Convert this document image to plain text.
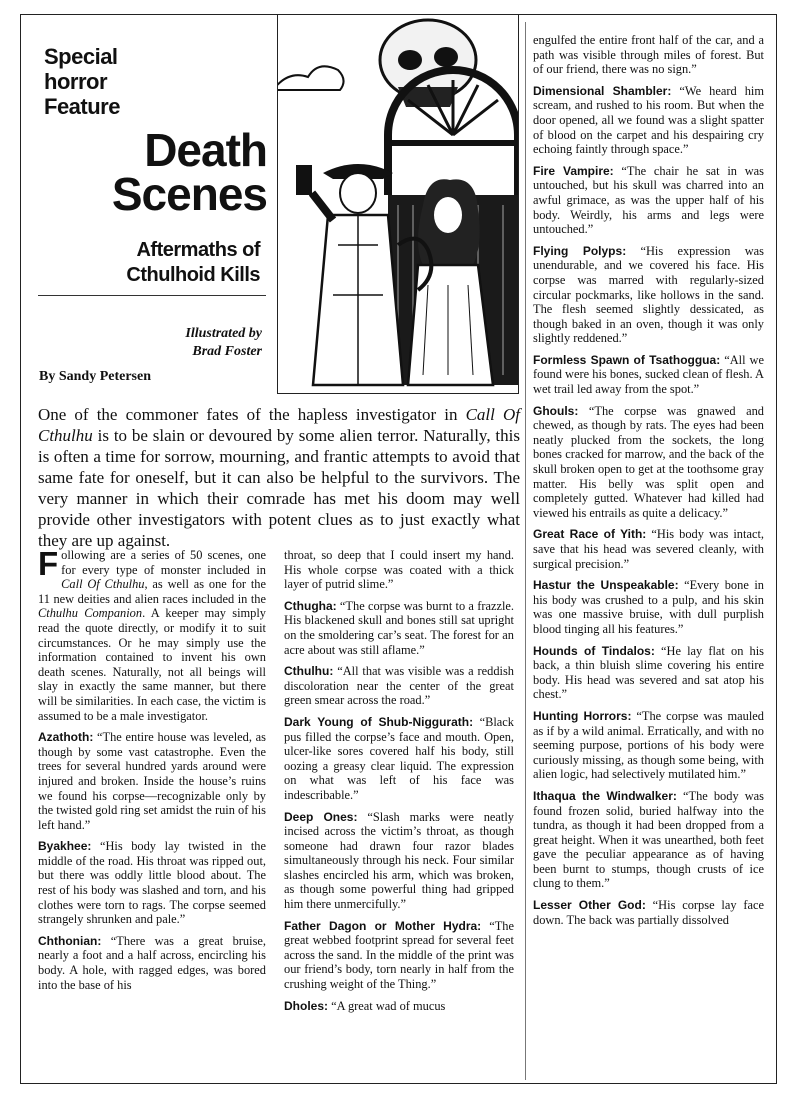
Special
horror
Feature
Death
Scenes
Aftermaths of
Cthulhoid Kills
Illustrated by
Brad Foster
By Sandy Petersen
One of the commoner fates of the hapless investigator in Call Of Cthulhu is to be slain or devoured by some alien terror. Naturally, this is often a time for sorrow, mourning, and frantic attempts to avoid that same fate for oneself, but it can also be helpful to the survivors. The very manner in which their comrade has met his doom may well provide other investigators with potent clues as to just exactly what they are up against.

Following are a series of 50 scenes, one for every type of monster included in Call Of Cthulhu, as well as one for the 11 new deities and alien races included in the Cthulhu Companion. A keeper may simply read the quote directly, or modify it to suit circumstances. Or he may simply use the information contained to invent his own death scenes. Naturally, not all beings will slay in exactly the same manner, but there will be similarities. In each case, the victim is assumed to be a male investigator.

Azathoth: “The entire house was leveled, as though by some vast catastrophe. Even the trees for several hundred yards around were injured and broken. Inside the house’s ruins we found his corpse—recognizable only by the twisted gold ring set amidst the ruin of his left hand.”

Byakhee: “His body lay twisted in the middle of the road. His throat was ripped out, but there was oddly little blood about. The rest of his body was slashed and torn, and his clothes were torn to rags. The corpse seemed strangely shrunken and pale.”

Chthonian: “There was a great bruise, nearly a foot and a half across, encircling his body. A hole, with ragged edges, was bored into the base of his

throat, so deep that I could insert my hand. His whole corpse was coated with a thick layer of putrid slime.”

Cthugha: “The corpse was burnt to a frazzle. His blackened skull and bones still sat upright on the smoldering car’s seat. The forest for an acre about was still aflame.”

Cthulhu: “All that was visible was a reddish discoloration near the center of the great green smear across the road.”

Dark Young of Shub-Niggurath: “Black pus filled the corpse’s face and mouth. Open, ulcer-like sores covered half his body, still oozing a greasy clear liquid. The expression on what was left of his face was indescribable.”

Deep Ones: “Slash marks were neatly incised across the victim’s throat, as though someone had drawn four razor blades simultaneously through his neck. Four similar slashes encircled his arm, which was broken, as though some powerful thing had gripped him there unmercifully.”

Father Dagon or Mother Hydra: “The great webbed footprint spread for several feet across the sand. In the middle of the print was our friend’s body, torn nearly in half from the crushing weight of the Thing.”

Dholes: “A great wad of mucus

engulfed the entire front half of the car, and a path was visible through miles of forest. But of our friend, there was no sign.”

Dimensional Shambler: “We heard him scream, and rushed to his room. But when the door opened, all we found was a slight spatter of blood on the carpet and his despairing cry echoing faintly through space.”

Fire Vampire: “The chair he sat in was untouched, but his skull was charred into an awful grimace, as was the upper half of his body. Weirdly, his arms and legs were untouched.”

Flying Polyps: “His expression was unendurable, and we covered his face. His corpse was marred with regularly-sized circular pockmarks, like hollows in the sand. The flesh seemed slightly dessicated, as though baked in an oven, though it was only slightly reddened.”

Formless Spawn of Tsathoggua: “All we found were his bones, sucked clean of flesh. A wet trail led away from the spot.”

Ghouls: “The corpse was gnawed and chewed, as though by rats. The eyes had been neatly plucked from the sockets, the long bones cracked for marrow, and the back of the skull broken open to get at the toothsome gray matter. His belly was split open and completely gutted. Whatever had killed had viewed his entrails as quite a delicacy.”

Great Race of Yith: “His body was intact, save that his head was severed cleanly, with surgical precision.”

Hastur the Unspeakable: “Every bone in his body was crushed to a pulp, and his skin was one massive bruise, with dull purplish blood tinging all his features.”

Hounds of Tindalos: “He lay flat on his back, a thin bluish slime covering his entire body. His head was severed and sat atop his chest.”

Hunting Horrors: “The corpse was mauled as if by a wild animal. Erratically, and with no seeming purpose, portions of his body were curiously missing, as though some being, with alien logic, had selectively mutilated him.”

Ithaqua the Windwalker: “The body was found frozen solid, buried halfway into the tundra, as though it had been dropped from a great height. When it was unearthed, both feet gave the peculiar appearance as of having been burnt to stumps, though crusts of ice clung to them.”

Lesser Other God: “His corpse lay face down. The back was partially dissolved
